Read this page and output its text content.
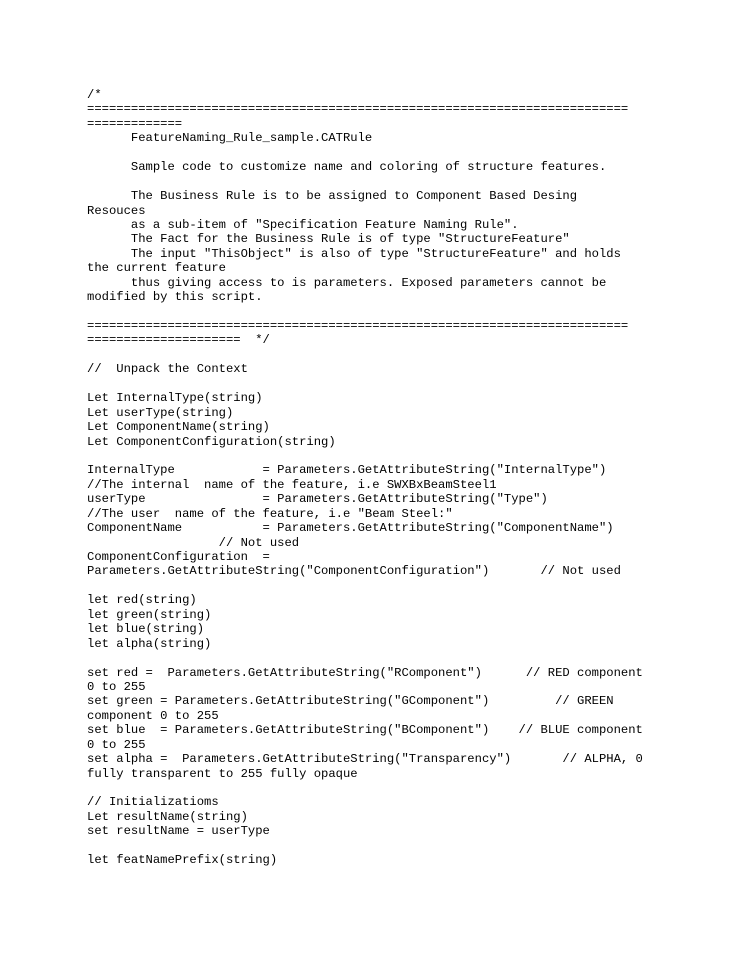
/*
==========================================================================
=============
FeatureNaming_Rule_sample.CATRule
Sample code to customize name and coloring of structure features.
The Business Rule is to be assigned to Component Based Desing
Resouces
as a sub-item of "Specification Feature Naming Rule".
The Fact for the Business Rule is of type "StructureFeature"
The input "ThisObject" is also of type "StructureFeature" and holds
the current feature
thus giving access to is parameters. Exposed parameters cannot be
modified by this script.
==========================================================================
=====================  */
//  Unpack the Context
Let InternalType(string)
Let userType(string)
Let ComponentName(string)
Let ComponentConfiguration(string)
InternalType            = Parameters.GetAttributeString("InternalType")
//The internal  name of the feature, i.e SWXBxBeamSteel1
userType                = Parameters.GetAttributeString("Type")
//The user  name of the feature, i.e "Beam Steel:"
ComponentName           = Parameters.GetAttributeString("ComponentName")
// Not used
ComponentConfiguration  =
Parameters.GetAttributeString("ComponentConfiguration")       // Not used
let red(string)
let green(string)
let blue(string)
let alpha(string)
set red =  Parameters.GetAttributeString("RComponent")      // RED component
0 to 255
set green = Parameters.GetAttributeString("GComponent")         // GREEN
component 0 to 255
set blue  = Parameters.GetAttributeString("BComponent")    // BLUE component
0 to 255
set alpha =  Parameters.GetAttributeString("Transparency")       // ALPHA, 0
fully transparent to 255 fully opaque
// Initializatioms
Let resultName(string)
set resultName = userType
let featNamePrefix(string)
